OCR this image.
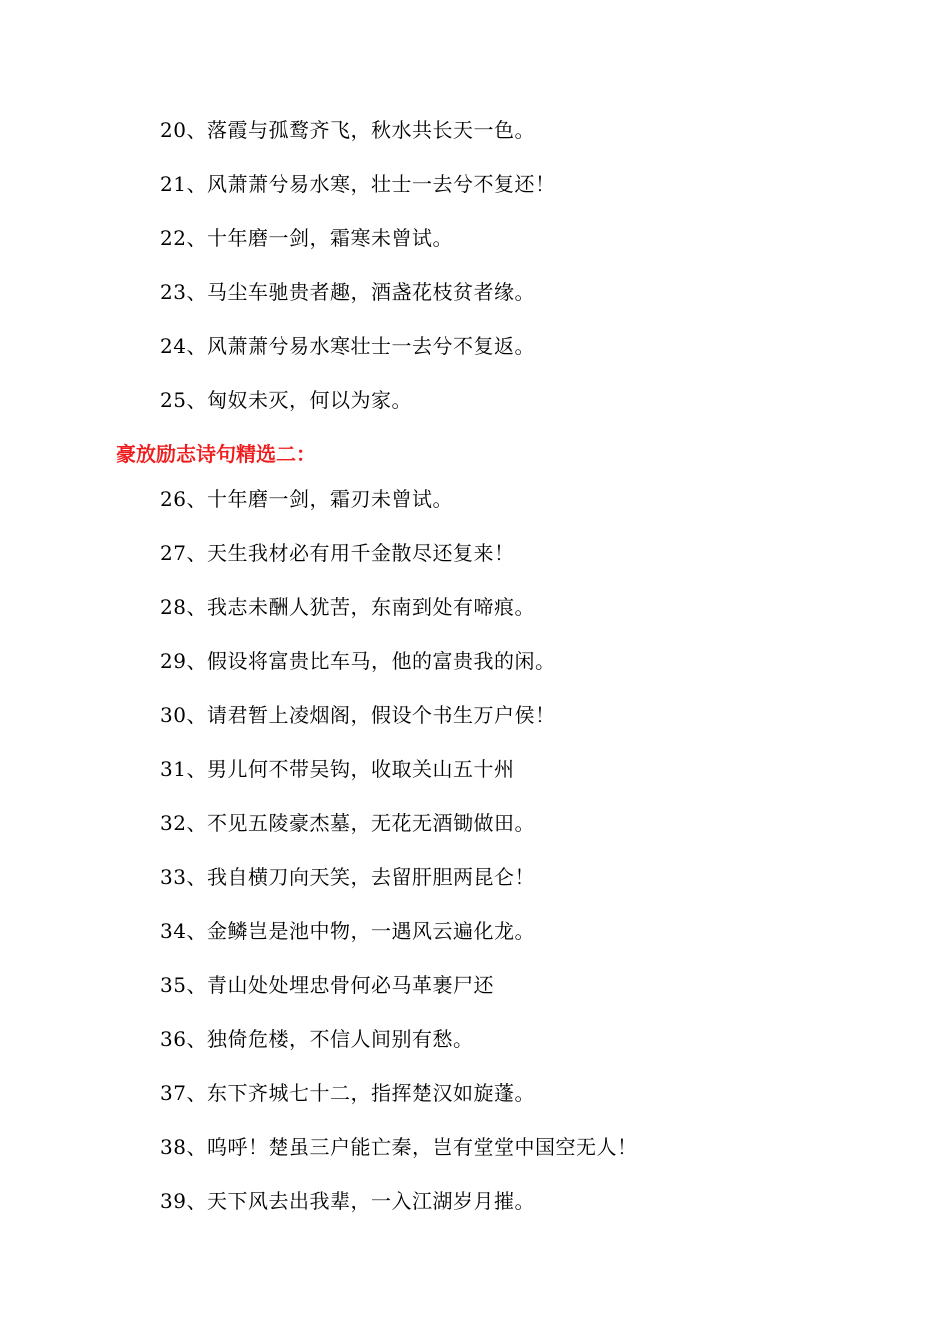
20、落霞与孤鹜齐飞，秋水共长天一色。
21、风萧萧兮易水寒，壮士一去兮不复还！
22、十年磨一剑，霜寒未曾试。
23、马尘车驰贵者趣，酒盏花枝贫者缘。
24、风萧萧兮易水寒壮士一去兮不复返。
25、匈奴未灭，何以为家。
豪放励志诗句精选二：
26、十年磨一剑，霜刃未曾试。
27、天生我材必有用千金散尽还复来！
28、我志未酬人犹苦，东南到处有啼痕。
29、假设将富贵比车马，他的富贵我的闲。
30、请君暂上凌烟阁，假设个书生万户侯！
31、男儿何不带吴钩，收取关山五十州
32、不见五陵豪杰墓，无花无酒锄做田。
33、我自横刀向天笑，去留肝胆两昆仑！
34、金鳞岂是池中物，一遇风云遍化龙。
35、青山处处埋忠骨何必马革裹尸还
36、独倚危楼，不信人间别有愁。
37、东下齐城七十二，指挥楚汉如旋蓬。
38、呜呼！楚虽三户能亡秦，岂有堂堂中国空无人！
39、天下风去出我辈，一入江湖岁月摧。
